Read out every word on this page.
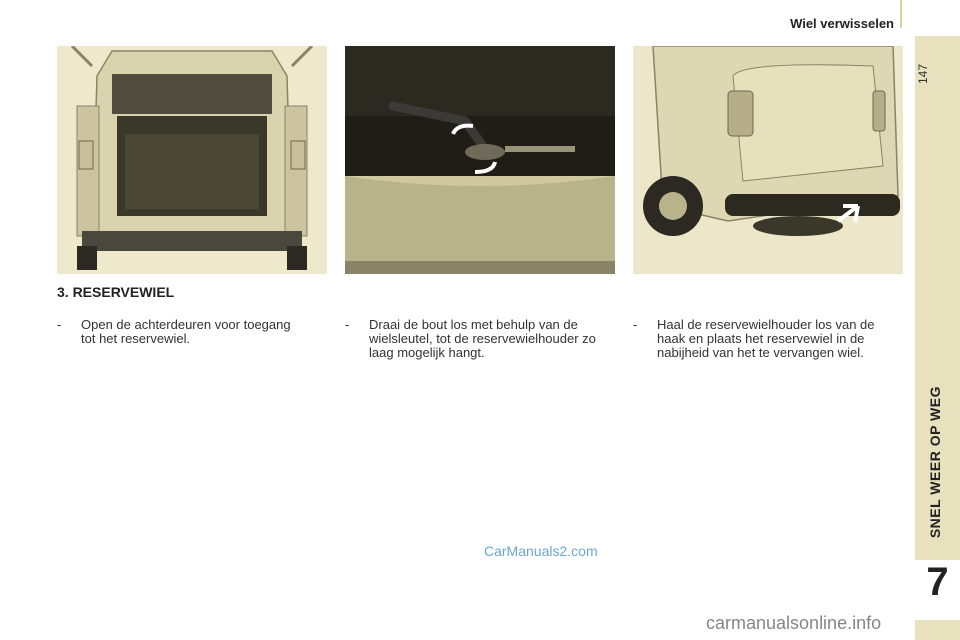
Wiel verwisselen
147
SNEL WEER OP WEG
7
3. RESERVEWIEL
-	Open de achterdeuren voor toegang tot het reservewiel.
-	Draai de bout los met behulp van de wielsleutel, tot de reservewielhouder zo laag mogelijk hangt.
-	Haal de reservewielhouder los van de haak en plaats het reservewiel in de nabijheid van het te vervangen wiel.
CarManuals2.com
carmanualsonline.info
